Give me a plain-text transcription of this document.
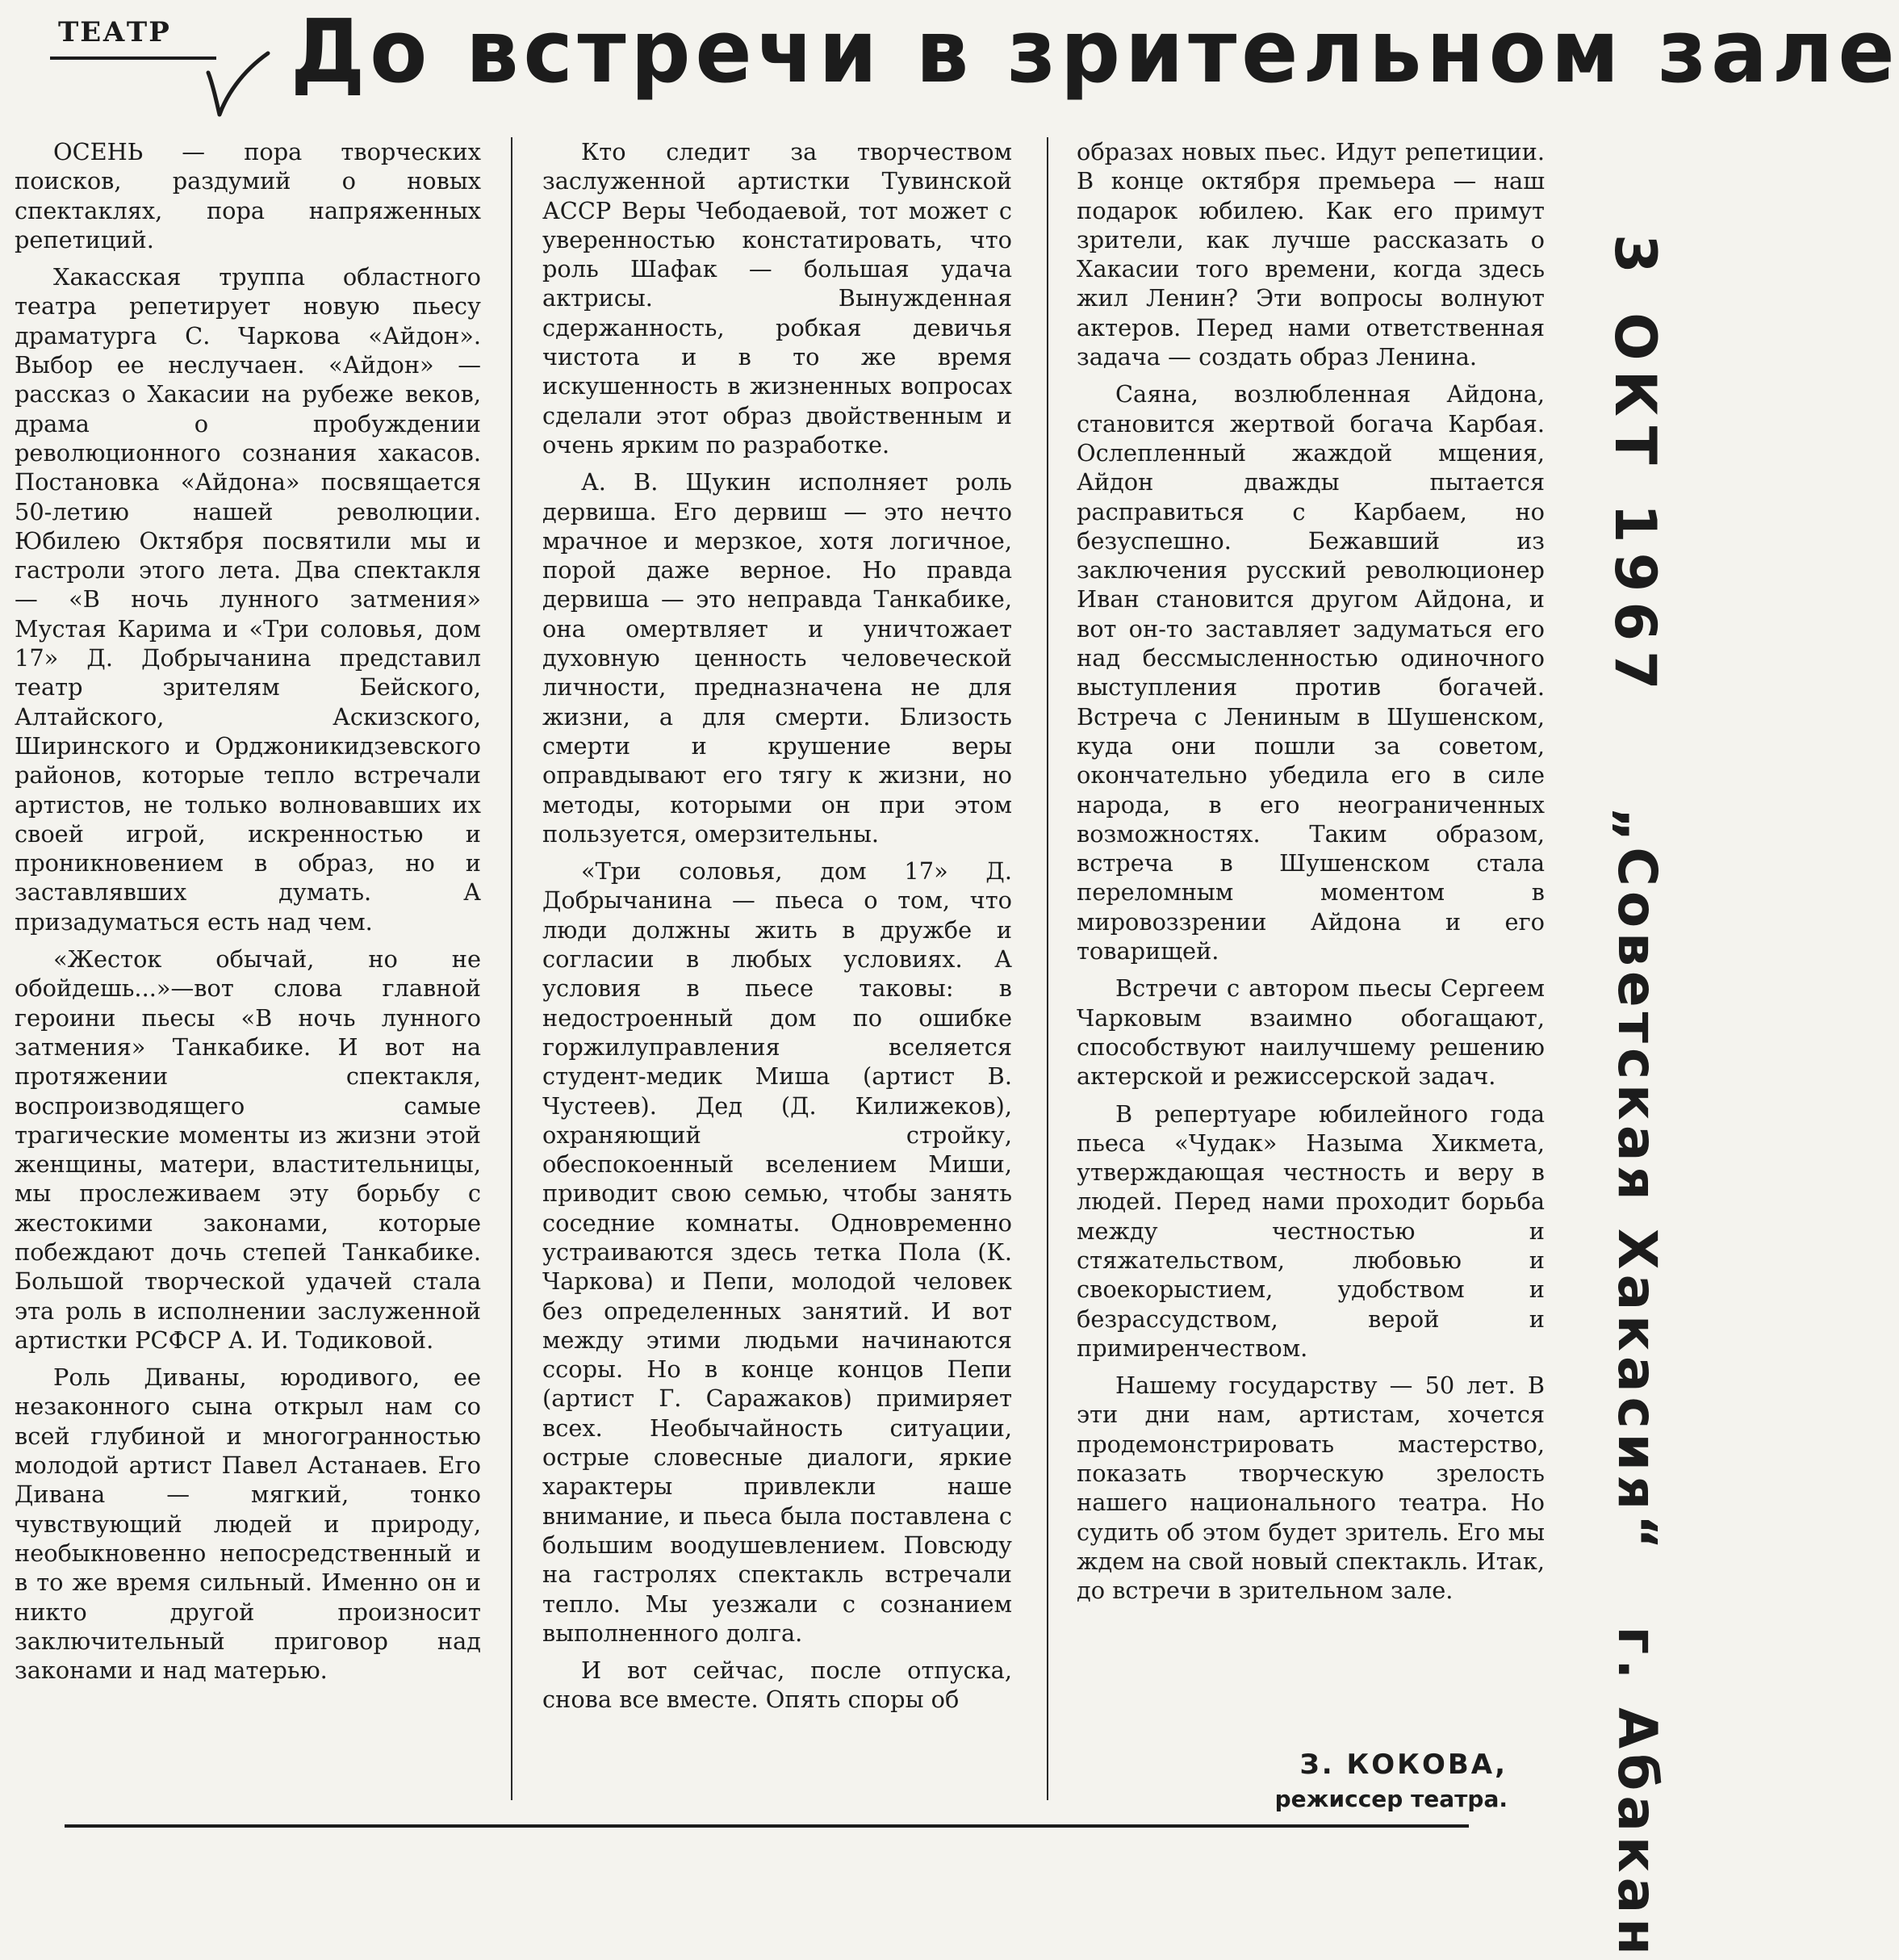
ТЕАТР До встречи в зрительном зале

ОСЕНЬ — пора творческих поисков, раздумий о новых спектаклях, пора напряженных репетиций.

Хакасская труппа областного театра репетирует новую пьесу драматурга С. Чаркова «Айдон». Выбор ее неслучаен. «Айдон» — рассказ о Хакасии на рубеже веков, драма о пробуждении революционного сознания хакасов. Постановка «Айдона» посвящается 50-летию нашей революции. Юбилею Октября посвятили мы и гастроли этого лета. Два спектакля — «В ночь лунного затмения» Мустая Карима и «Три соловья, дом 17» Д. Добрычанина представил театр зрителям Бейского, Алтайского, Аскизского, Ширинского и Орджоникидзевского районов, которые тепло встречали артистов, не только волновавших их своей игрой, искренностью и проникновением в образ, но и заставлявших думать. А призадуматься есть над чем.

«Жесток обычай, но не обойдешь...»—вот слова главной героини пьесы «В ночь лунного затмения» Танкабике. И вот на протяжении спектакля, воспроизводящего самые трагические моменты из жизни этой женщины, матери, властительницы, мы прослеживаем эту борьбу с жестокими законами, которые побеждают дочь степей Танкабике. Большой творческой удачей стала эта роль в исполнении заслуженной артистки РСФСР А. И. Тодиковой.

Роль Диваны, юродивого, ее незаконного сына открыл нам со всей глубиной и многогранностью молодой артист Павел Астанаев. Его Дивана — мягкий, тонко чувствующий людей и природу, необыкновенно непосредственный и в то же время сильный. Именно он и никто другой произносит заключительный приговор над законами и над матерью.

Кто следит за творчеством заслуженной артистки Тувинской АССР Веры Чебодаевой, тот может с уверенностью констатировать, что роль Шафак — большая удача актрисы. Вынужденная сдержанность, робкая девичья чистота и в то же время искушенность в жизненных вопросах сделали этот образ двойственным и очень ярким по разработке.

А. В. Щукин исполняет роль дервиша. Его дервиш — это нечто мрачное и мерзкое, хотя логичное, порой даже верное. Но правда дервиша — это неправда Танкабике, она омертвляет и уничтожает духовную ценность человеческой личности, предназначена не для жизни, а для смерти. Близость смерти и крушение веры оправдывают его тягу к жизни, но методы, которыми он при этом пользуется, омерзительны.

«Три соловья, дом 17» Д. Добрычанина — пьеса о том, что люди должны жить в дружбе и согласии в любых условиях. А условия в пьесе таковы: в недостроенный дом по ошибке горжилуправления вселяется студент-медик Миша (артист В. Чустеев). Дед (Д. Килижеков), охраняющий стройку, обеспокоенный вселением Миши, приводит свою семью, чтобы занять соседние комнаты. Одновременно устраиваются здесь тетка Пола (К. Чаркова) и Пепи, молодой человек без определенных занятий. И вот между этими людьми начинаются ссоры. Но в конце концов Пепи (артист Г. Саражаков) примиряет всех. Необычайность ситуации, острые словесные диалоги, яркие характеры привлекли наше внимание, и пьеса была поставлена с большим воодушевлением. Повсюду на гастролях спектакль встречали тепло. Мы уезжали с сознанием выполненного долга.

И вот сейчас, после отпуска, снова все вместе. Опять споры об

образах новых пьес. Идут репетиции. В конце октября премьера — наш подарок юбилею. Как его примут зрители, как лучше рассказать о Хакасии того времени, когда здесь жил Ленин? Эти вопросы волнуют актеров. Перед нами ответственная задача — создать образ Ленина.

Саяна, возлюбленная Айдона, становится жертвой богача Карбая. Ослепленный жаждой мщения, Айдон дважды пытается расправиться с Карбаем, но безуспешно. Бежавший из заключения русский революционер Иван становится другом Айдона, и вот он-то заставляет задуматься его над бессмысленностью одиночного выступления против богачей. Встреча с Лениным в Шушенском, куда они пошли за советом, окончательно убедила его в силе народа, в его неограниченных возможностях. Таким образом, встреча в Шушенском стала переломным моментом в мировоззрении Айдона и его товарищей.

Встречи с автором пьесы Сергеем Чарковым взаимно обогащают, способствуют наилучшему решению актерской и режиссерской задач.

В репертуаре юбилейного года пьеса «Чудак» Назыма Хикмета, утверждающая честность и веру в людей. Перед нами проходит борьба между честностью и стяжательством, любовью и своекорыстием, удобством и безрассудством, верой и примиренчеством.

Нашему государству — 50 лет. В эти дни нам, артистам, хочется продемонстрировать мастерство, показать творческую зрелость нашего национального театра. Но судить об этом будет зритель. Его мы ждем на свой новый спектакль. Итак, до встречи в зрительном зале.

З. КОКОВА,
режиссер театра.
3 ОКТ 1967
„Советская Хакасия“ г. Абакан
